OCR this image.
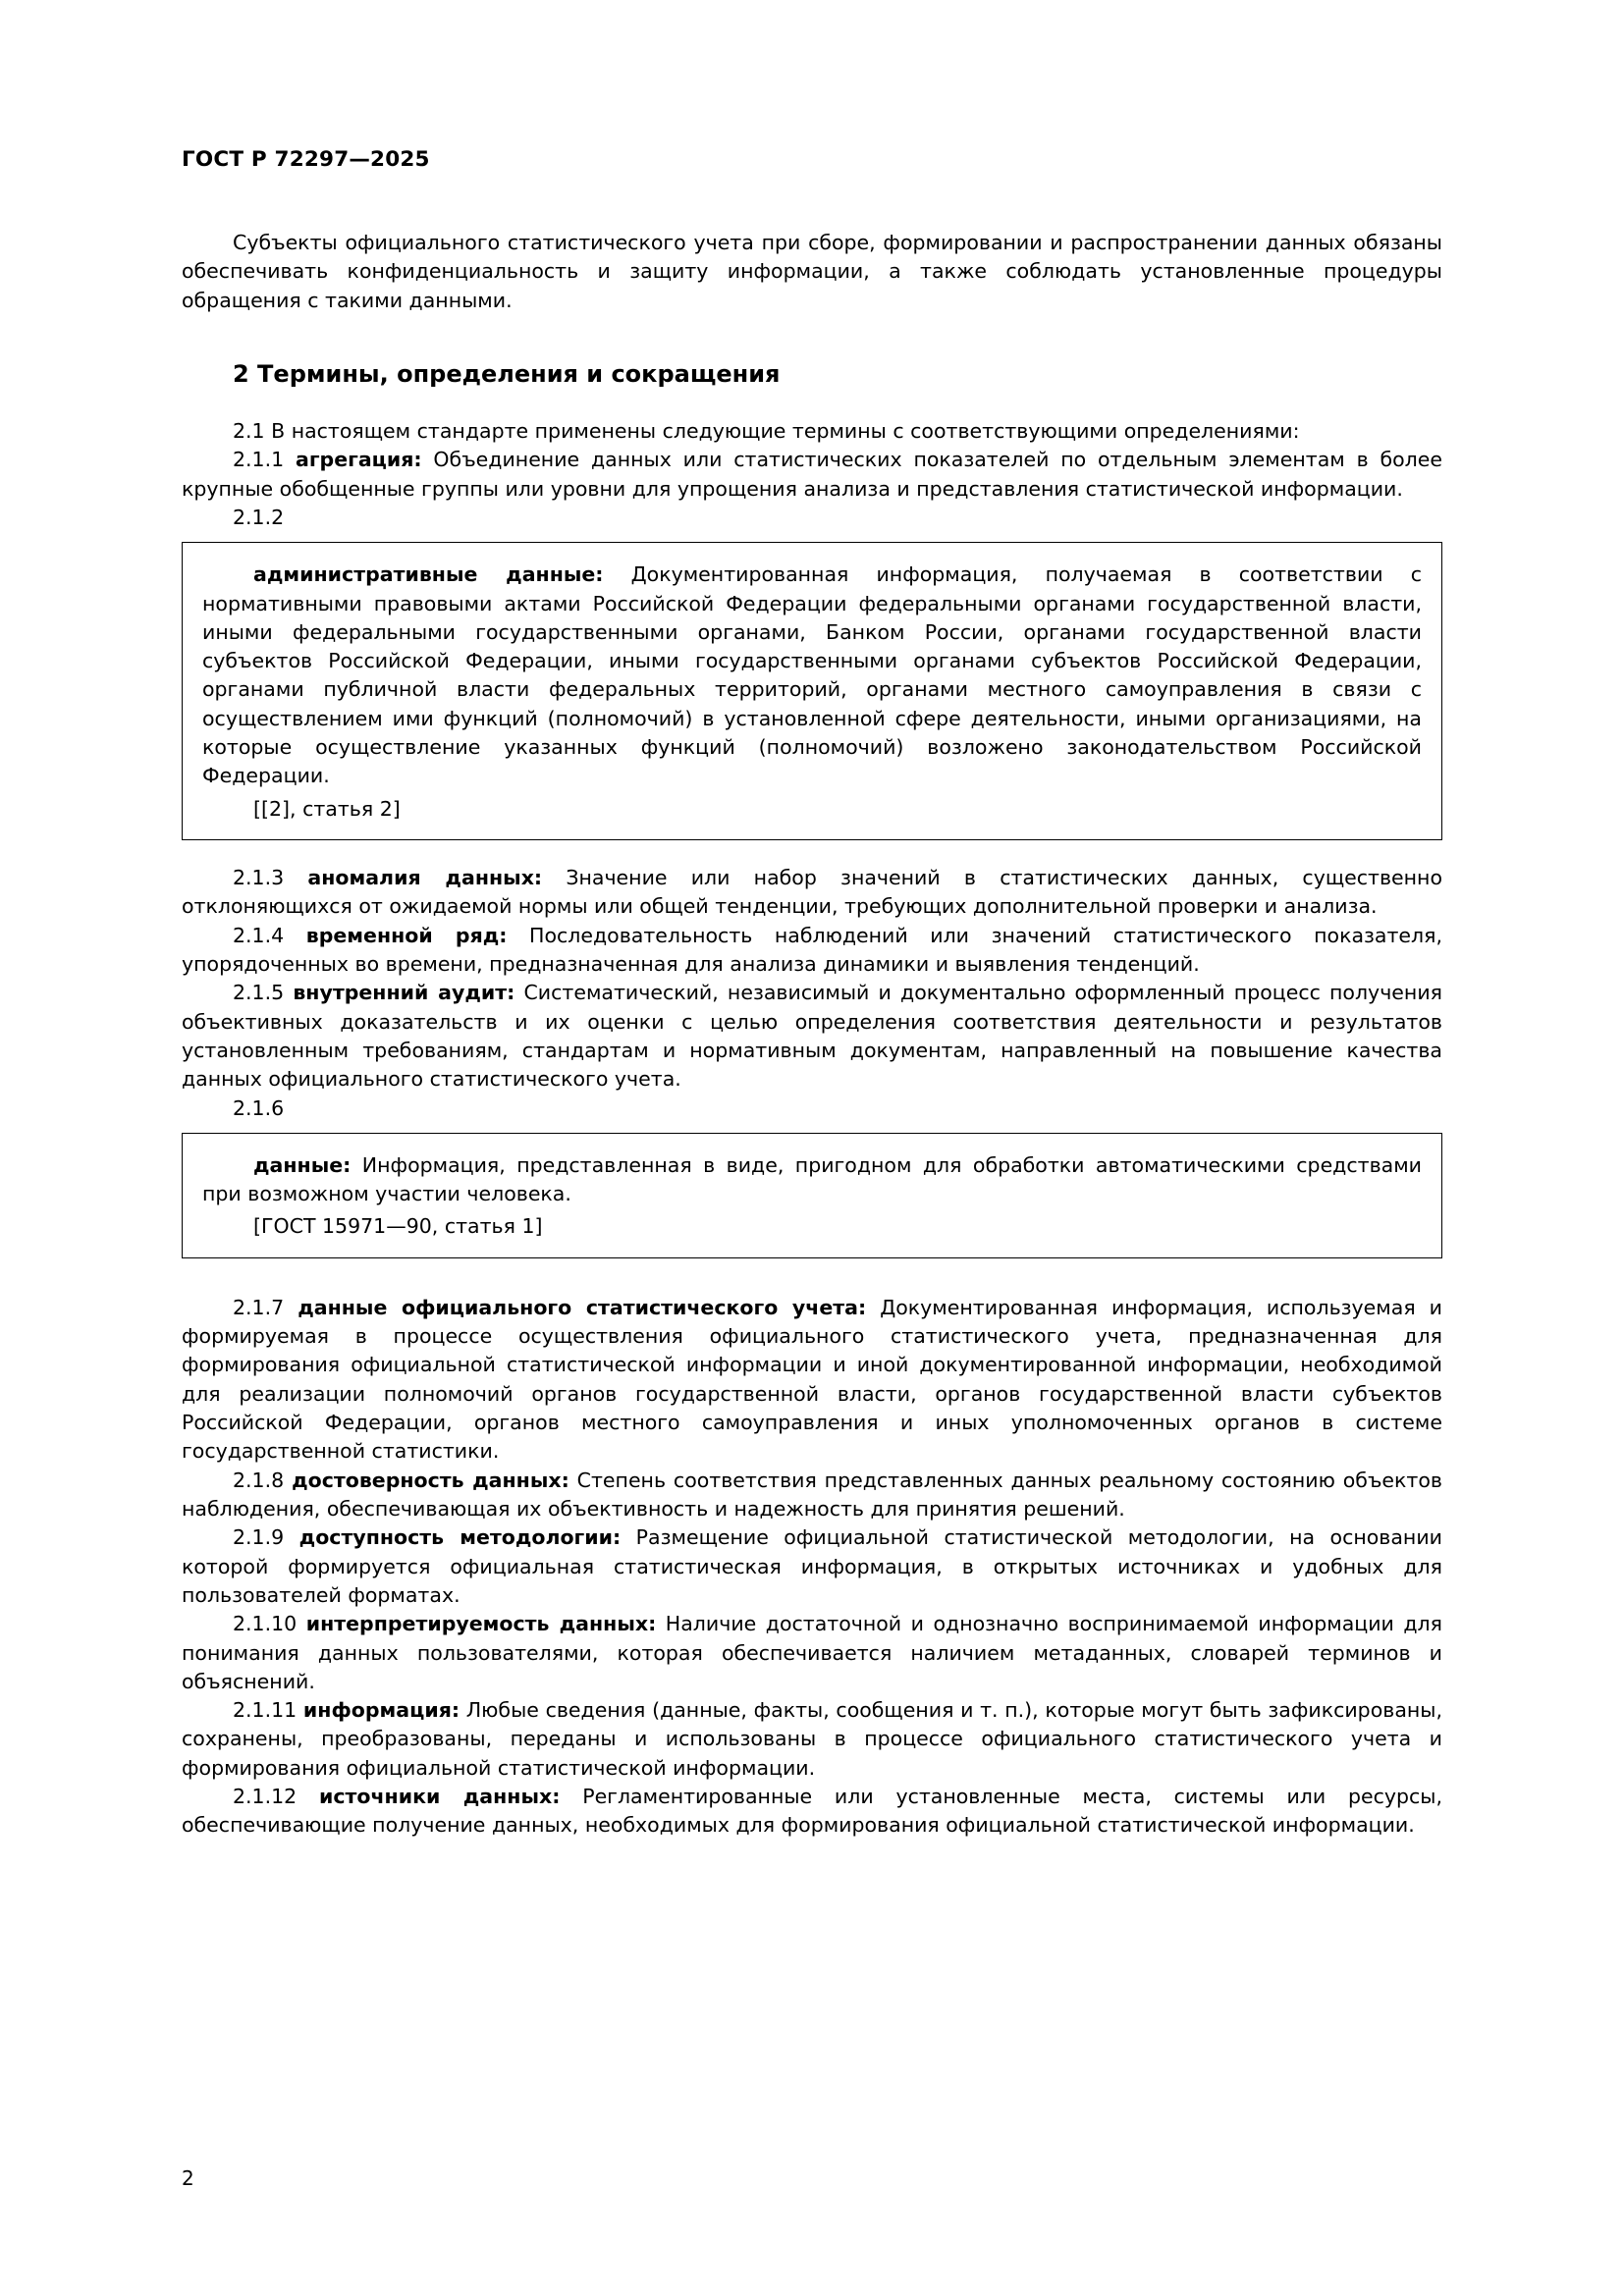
ГОСТ Р 72297—2025

Субъекты официального статистического учета при сборе, формировании и распространении данных обязаны обеспечивать конфиденциальность и защиту информации, а также соблюдать установленные процедуры обращения с такими данными.

2 Термины, определения и сокращения

2.1 В настоящем стандарте применены следующие термины с соответствующими определениями:

2.1.1 агрегация: Объединение данных или статистических показателей по отдельным элементам в более крупные обобщенные группы или уровни для упрощения анализа и представления статистической информации.

2.1.2

административные данные: Документированная информация, получаемая в соответствии с нормативными правовыми актами Российской Федерации федеральными органами государственной власти, иными федеральными государственными органами, Банком России, органами государственной власти субъектов Российской Федерации, иными государственными органами субъектов Российской Федерации, органами публичной власти федеральных территорий, органами местного самоуправления в связи с осуществлением ими функций (полномочий) в установленной сфере деятельности, иными организациями, на которые осуществление указанных функций (полномочий) возложено законодательством Российской Федерации.

[[2], статья 2]

2.1.3 аномалия данных: Значение или набор значений в статистических данных, существенно отклоняющихся от ожидаемой нормы или общей тенденции, требующих дополнительной проверки и анализа.

2.1.4 временной ряд: Последовательность наблюдений или значений статистического показателя, упорядоченных во времени, предназначенная для анализа динамики и выявления тенденций.

2.1.5 внутренний аудит: Систематический, независимый и документально оформленный процесс получения объективных доказательств и их оценки с целью определения соответствия деятельности и результатов установленным требованиям, стандартам и нормативным документам, направленный на повышение качества данных официального статистического учета.

2.1.6

данные: Информация, представленная в виде, пригодном для обработки автоматическими средствами при возможном участии человека.

[ГОСТ 15971—90, статья 1]

2.1.7 данные официального статистического учета: Документированная информация, используемая и формируемая в процессе осуществления официального статистического учета, предназначенная для формирования официальной статистической информации и иной документированной информации, необходимой для реализации полномочий органов государственной власти, органов государственной власти субъектов Российской Федерации, органов местного самоуправления и иных уполномоченных органов в системе государственной статистики.

2.1.8 достоверность данных: Степень соответствия представленных данных реальному состоянию объектов наблюдения, обеспечивающая их объективность и надежность для принятия решений.

2.1.9 доступность методологии: Размещение официальной статистической методологии, на основании которой формируется официальная статистическая информация, в открытых источниках и удобных для пользователей форматах.

2.1.10 интерпретируемость данных: Наличие достаточной и однозначно воспринимаемой информации для понимания данных пользователями, которая обеспечивается наличием метаданных, словарей терминов и объяснений.

2.1.11 информация: Любые сведения (данные, факты, сообщения и т. п.), которые могут быть зафиксированы, сохранены, преобразованы, переданы и использованы в процессе официального статистического учета и формирования официальной статистической информации.

2.1.12 источники данных: Регламентированные или установленные места, системы или ресурсы, обеспечивающие получение данных, необходимых для формирования официальной статистической информации.

2
